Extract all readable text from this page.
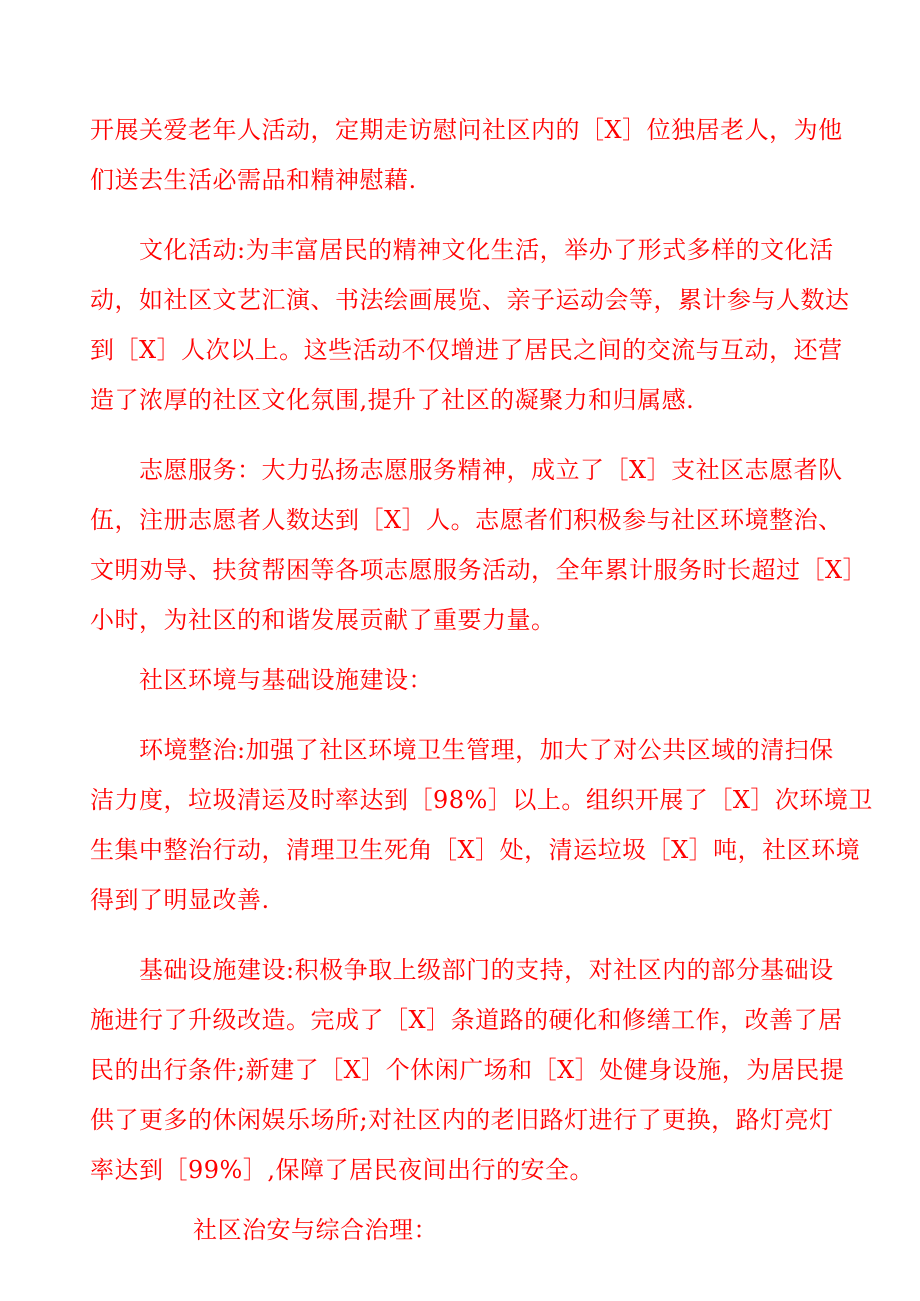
开展关爱老年人活动，定期走访慰问社区内的［X］位独居老人，为他
们送去生活必需品和精神慰藉.
文化活动:为丰富居民的精神文化生活，举办了形式多样的文化活
动，如社区文艺汇演、书法绘画展览、亲子运动会等，累计参与人数达
到［X］人次以上。这些活动不仅增进了居民之间的交流与互动，还营
造了浓厚的社区文化氛围,提升了社区的凝聚力和归属感.
志愿服务：大力弘扬志愿服务精神，成立了［X］支社区志愿者队
伍，注册志愿者人数达到［X］人。志愿者们积极参与社区环境整治、
文明劝导、扶贫帮困等各项志愿服务活动，全年累计服务时长超过［X］
小时，为社区的和谐发展贡献了重要力量。
社区环境与基础设施建设：
环境整治:加强了社区环境卫生管理，加大了对公共区域的清扫保
洁力度，垃圾清运及时率达到［98%］以上。组织开展了［X］次环境卫
生集中整治行动，清理卫生死角［X］处，清运垃圾［X］吨，社区环境
得到了明显改善.
基础设施建设:积极争取上级部门的支持，对社区内的部分基础设
施进行了升级改造。完成了［X］条道路的硬化和修缮工作，改善了居
民的出行条件;新建了［X］个休闲广场和［X］处健身设施，为居民提
供了更多的休闲娱乐场所;对社区内的老旧路灯进行了更换，路灯亮灯
率达到［99%］,保障了居民夜间出行的安全。
社区治安与综合治理：
